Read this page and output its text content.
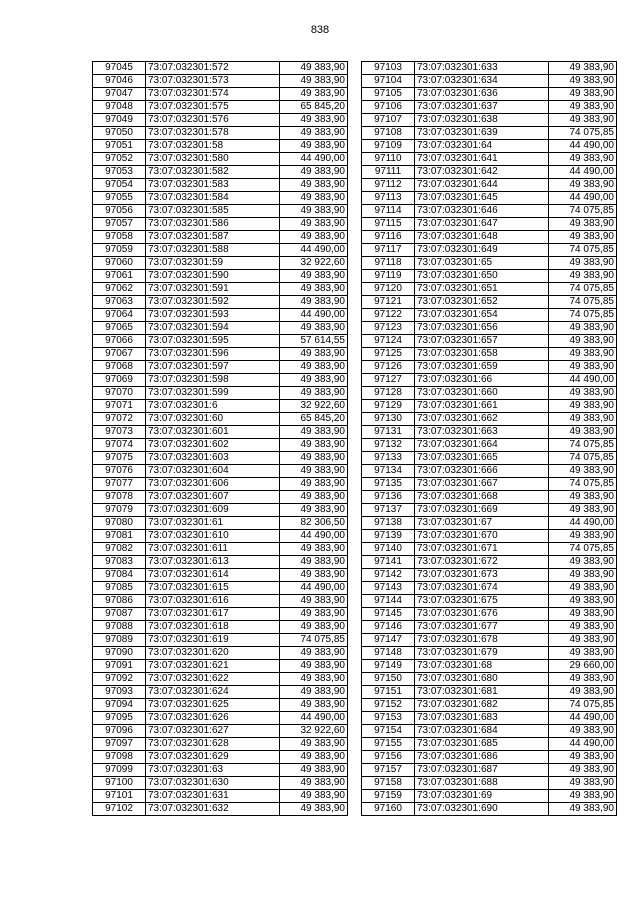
838
97045	73:07:032301:572	49 383,90
97046	73:07:032301:573	49 383,90
97047	73:07:032301:574	49 383,90
97048	73:07:032301:575	65 845,20
97049	73:07:032301:576	49 383,90
97050	73:07:032301:578	49 383,90
97051	73:07:032301:58	49 383,90
97052	73:07:032301:580	44 490,00
97053	73:07:032301:582	49 383,90
97054	73:07:032301:583	49 383,90
97055	73:07:032301:584	49 383,90
97056	73:07:032301:585	49 383,90
97057	73:07:032301:586	49 383,90
97058	73:07:032301:587	49 383,90
97059	73:07:032301:588	44 490,00
97060	73:07:032301:59	32 922,60
97061	73:07:032301:590	49 383,90
97062	73:07:032301:591	49 383,90
97063	73:07:032301:592	49 383,90
97064	73:07:032301:593	44 490,00
97065	73:07:032301:594	49 383,90
97066	73:07:032301:595	57 614,55
97067	73:07:032301:596	49 383,90
97068	73:07:032301:597	49 383,90
97069	73:07:032301:598	49 383,90
97070	73:07:032301:599	49 383,90
97071	73:07:032301:6	32 922,60
97072	73:07:032301:60	65 845,20
97073	73:07:032301:601	49 383,90
97074	73:07:032301:602	49 383,90
97075	73:07:032301:603	49 383,90
97076	73:07:032301:604	49 383,90
97077	73:07:032301:606	49 383,90
97078	73:07:032301:607	49 383,90
97079	73:07:032301:609	49 383,90
97080	73:07:032301:61	82 306,50
97081	73:07:032301:610	44 490,00
97082	73:07:032301:611	49 383,90
97083	73:07:032301:613	49 383,90
97084	73:07:032301:614	49 383,90
97085	73:07:032301:615	44 490,00
97086	73:07:032301:616	49 383,90
97087	73:07:032301:617	49 383,90
97088	73:07:032301:618	49 383,90
97089	73:07:032301:619	74 075,85
97090	73:07:032301:620	49 383,90
97091	73:07:032301:621	49 383,90
97092	73:07:032301:622	49 383,90
97093	73:07:032301:624	49 383,90
97094	73:07:032301:625	49 383,90
97095	73:07:032301:626	44 490,00
97096	73:07:032301:627	32 922,60
97097	73:07:032301:628	49 383,90
97098	73:07:032301:629	49 383,90
97099	73:07:032301:63	49 383,90
97100	73:07:032301:630	49 383,90
97101	73:07:032301:631	49 383,90
97102	73:07:032301:632	49 383,90
97103	73:07:032301:633	49 383,90
97104	73:07:032301:634	49 383,90
97105	73:07:032301:636	49 383,90
97106	73:07:032301:637	49 383,90
97107	73:07:032301:638	49 383,90
97108	73:07:032301:639	74 075,85
97109	73:07:032301:64	44 490,00
97110	73:07:032301:641	49 383,90
97111	73:07:032301:642	44 490,00
97112	73:07:032301:644	49 383,90
97113	73:07:032301:645	44 490,00
97114	73:07:032301:646	74 075,85
97115	73:07:032301:647	49 383,90
97116	73:07:032301:648	49 383,90
97117	73:07:032301:649	74 075,85
97118	73:07:032301:65	49 383,90
97119	73:07:032301:650	49 383,90
97120	73:07:032301:651	74 075,85
97121	73:07:032301:652	74 075,85
97122	73:07:032301:654	74 075,85
97123	73:07:032301:656	49 383,90
97124	73:07:032301:657	49 383,90
97125	73:07:032301:658	49 383,90
97126	73:07:032301:659	49 383,90
97127	73:07:032301:66	44 490,00
97128	73:07:032301:660	49 383,90
97129	73:07:032301:661	49 383,90
97130	73:07:032301:662	49 383,90
97131	73:07:032301:663	49 383,90
97132	73:07:032301:664	74 075,85
97133	73:07:032301:665	74 075,85
97134	73:07:032301:666	49 383,90
97135	73:07:032301:667	74 075,85
97136	73:07:032301:668	49 383,90
97137	73:07:032301:669	49 383,90
97138	73:07:032301:67	44 490,00
97139	73:07:032301:670	49 383,90
97140	73:07:032301:671	74 075,85
97141	73:07:032301:672	49 383,90
97142	73:07:032301:673	49 383,90
97143	73:07:032301:674	49 383,90
97144	73:07:032301:675	49 383,90
97145	73:07:032301:676	49 383,90
97146	73:07:032301:677	49 383,90
97147	73:07:032301:678	49 383,90
97148	73:07:032301:679	49 383,90
97149	73:07:032301:68	29 660,00
97150	73:07:032301:680	49 383,90
97151	73:07:032301:681	49 383,90
97152	73:07:032301:682	74 075,85
97153	73:07:032301:683	44 490,00
97154	73:07:032301:684	49 383,90
97155	73:07:032301:685	44 490,00
97156	73:07:032301:686	49 383,90
97157	73:07:032301:687	49 383,90
97158	73:07:032301:688	49 383,90
97159	73:07:032301:69	49 383,90
97160	73:07:032301:690	49 383,90
